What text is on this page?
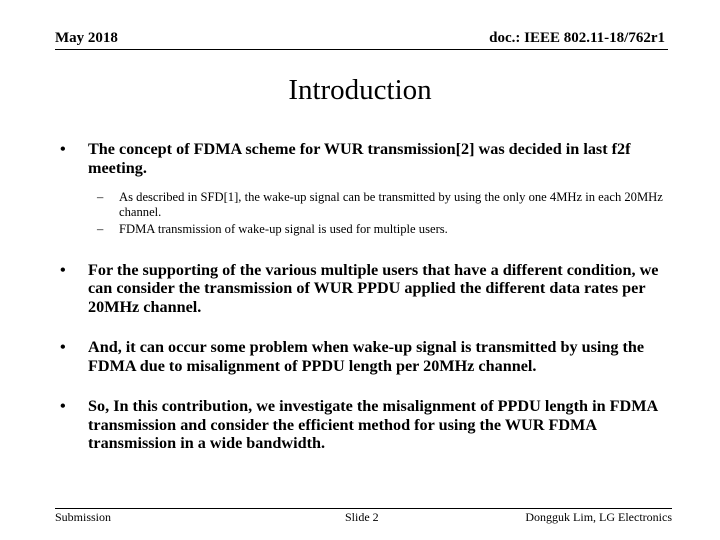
May 2018	doc.: IEEE 802.11-18/762r1
Introduction
• The concept of FDMA scheme for WUR transmission[2] was decided in last f2f meeting.
– As described in SFD[1], the wake-up signal can be transmitted by using the only one 4MHz in each 20MHz channel.
– FDMA transmission of wake-up signal is used for multiple users.
• For the supporting of the various multiple users that have a different condition, we can consider the transmission of WUR PPDU applied the different data rates per 20MHz channel.
• And, it can occur some problem when wake-up signal is transmitted by using the FDMA due to misalignment of PPDU length per 20MHz channel.
• So, In this contribution, we investigate the misalignment of PPDU length in FDMA transmission and consider the efficient method for using the WUR FDMA transmission in a wide bandwidth.
Submission	Slide 2	Dongguk Lim, LG Electronics
